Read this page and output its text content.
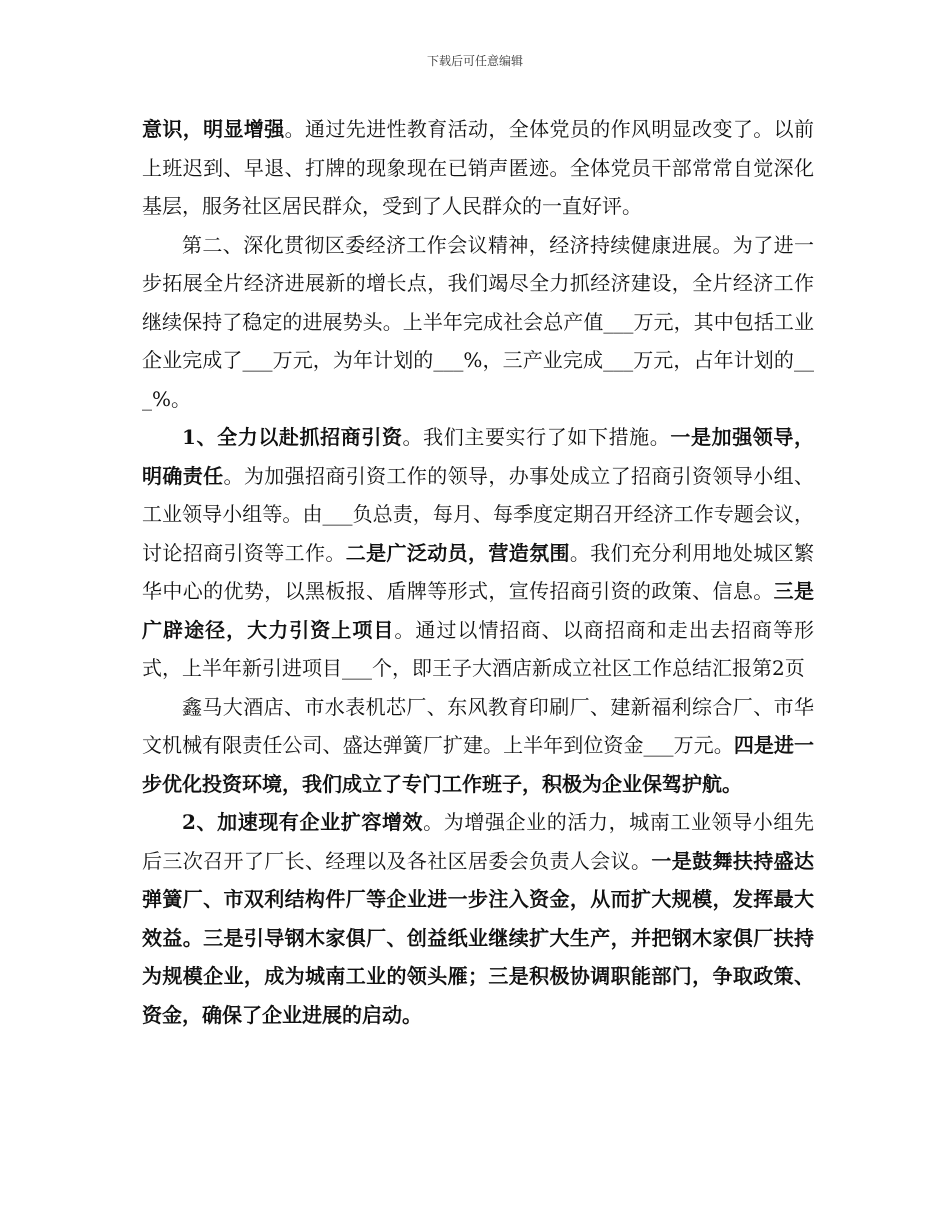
下载后可任意编辑

意识，明显增强。通过先进性教育活动，全体党员的作风明显改变了。以前上班迟到、早退、打牌的现象现在已销声匿迹。全体党员干部常常自觉深化基层，服务社区居民群众，受到了人民群众的一直好评。

第二、深化贯彻区委经济工作会议精神，经济持续健康进展。为了进一步拓展全片经济进展新的增长点，我们竭尽全力抓经济建设，全片经济工作继续保持了稳定的进展势头。上半年完成社会总产值___万元，其中包括工业企业完成了___万元，为年计划的___%，三产业完成___万元，占年计划的___%。

1、全力以赴抓招商引资。我们主要实行了如下措施。一是加强领导，明确责任。为加强招商引资工作的领导，办事处成立了招商引资领导小组、工业领导小组等。由___负总责，每月、每季度定期召开经济工作专题会议，讨论招商引资等工作。二是广泛动员，营造氛围。我们充分利用地处城区繁华中心的优势，以黑板报、盾牌等形式，宣传招商引资的政策、信息。三是广辟途径，大力引资上项目。通过以情招商、以商招商和走出去招商等形式，上半年新引进项目___个，即王子大酒店新成立社区工作总结汇报第2页

鑫马大酒店、市水表机芯厂、东风教育印刷厂、建新福利综合厂、市华文机械有限责任公司、盛达弹簧厂扩建。上半年到位资金___万元。四是进一步优化投资环境，我们成立了专门工作班子，积极为企业保驾护航。

2、加速现有企业扩容增效。为增强企业的活力，城南工业领导小组先后三次召开了厂长、经理以及各社区居委会负责人会议。一是鼓舞扶持盛达弹簧厂、市双利结构件厂等企业进一步注入资金，从而扩大规模，发挥最大效益。三是引导钢木家俱厂、创益纸业继续扩大生产，并把钢木家俱厂扶持为规模企业，成为城南工业的领头雁；三是积极协调职能部门，争取政策、资金，确保了企业进展的启动。
